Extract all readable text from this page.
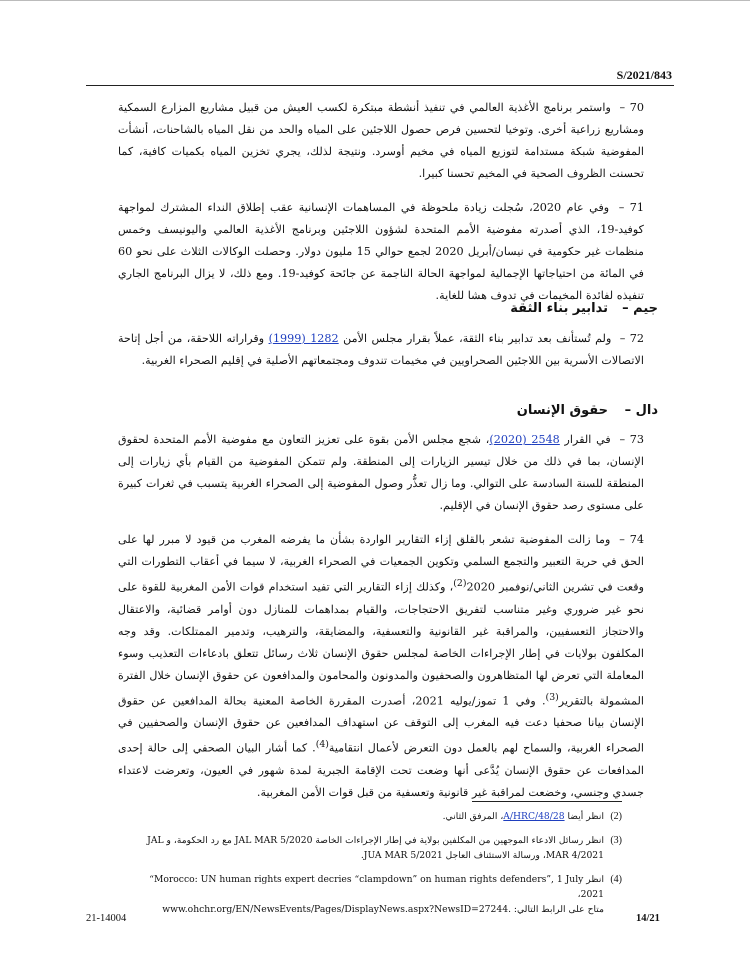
S/2021/843

70 – واستمر برنامج الأغذية العالمي في تنفيذ أنشطة مبتكرة لكسب العيش من قبيل مشاريع المزارع السمكية ومشاريع زراعية أخرى. وتوخيا لتحسين فرص حصول اللاجئين على المياه والحد من نقل المياه بالشاحنات، أنشأت المفوضية شبكة مستدامة لتوزيع المياه في مخيم أوسرد. ونتيجة لذلك، يجري تخزين المياه بكميات كافية، كما تحسنت الظروف الصحية في المخيم تحسنا كبيرا.

71 – وفي عام 2020، سُجلت زيادة ملحوظة في المساهمات الإنسانية عقب إطلاق النداء المشترك لمواجهة كوفيد-19، الذي أصدرته مفوضية الأمم المتحدة لشؤون اللاجئين وبرنامج الأغذية العالمي واليونيسف وخمس منظمات غير حكومية في نيسان/أبريل 2020 لجمع حوالي 15 مليون دولار. وحصلت الوكالات الثلاث على نحو 60 في المائة من احتياجاتها الإجمالية لمواجهة الحالة الناجمة عن جائحة كوفيد-19. ومع ذلك، لا يزال البرنامج الجاري تنفيذه لفائدة المخيمات في تدوف هشا للغاية.

جيم –تدابير بناء الثقة

72 – ولم تُستأنف بعد تدابير بناء الثقة، عملاً بقرار مجلس الأمن 1282 (1999) وقراراته اللاحقة، من أجل إتاحة الاتصالات الأسرية بين اللاجئين الصحراويين في مخيمات تندوف ومجتمعاتهم الأصلية في إقليم الصحراء الغربية.

دال –حقوق الإنسان

73 – في القرار 2548 (2020)، شجع مجلس الأمن بقوة على تعزيز التعاون مع مفوضية الأمم المتحدة لحقوق الإنسان، بما في ذلك من خلال تيسير الزيارات إلى المنطقة. ولم تتمكن المفوضية من القيام بأي زيارات إلى المنطقة للسنة السادسة على التوالي. وما زال تعذُّر وصول المفوضية إلى الصحراء الغربية يتسبب في ثغرات كبيرة على مستوى رصد حقوق الإنسان في الإقليم.

74 – وما زالت المفوضية تشعر بالقلق إزاء التقارير الواردة بشأن ما يفرضه المغرب من قيود لا مبرر لها على الحق في حرية التعبير والتجمع السلمي وتكوين الجمعيات في الصحراء الغربية، لا سيما في أعقاب التطورات التي وقعت في تشرين الثاني/نوفمبر 2020$^{(2)}$، وكذلك إزاء التقارير التي تفيد استخدام قوات الأمن المغربية للقوة على نحو غير ضروري وغير متناسب لتفريق الاحتجاجات، والقيام بمداهمات للمنازل دون أوامر قضائية، والاعتقال والاحتجاز التعسفيين، والمراقبة غير القانونية والتعسفية، والمضايقة، والترهيب، وتدمير الممتلكات. وقد وجه المكلفون بولايات في إطار الإجراءات الخاصة لمجلس حقوق الإنسان ثلاث رسائل تتعلق بادعاءات التعذيب وسوء المعاملة التي تعرض لها المتظاهرون والصحفيون والمدونون والمحامون والمدافعون عن حقوق الإنسان خلال الفترة المشمولة بالتقرير$^{(3)}$. وفي 1 تموز/يوليه 2021، أصدرت المقررة الخاصة المعنية بحالة المدافعين عن حقوق الإنسان بيانا صحفيا دعت فيه المغرب إلى التوقف عن استهداف المدافعين عن حقوق الإنسان والصحفيين في الصحراء الغربية، والسماح لهم بالعمل دون التعرض لأعمال انتقامية$^{(4)}$. كما أشار البيان الصحفي إلى حالة إحدى المدافعات عن حقوق الإنسان يُدَّعى أنها وضعت تحت الإقامة الجبرية لمدة شهور في العيون، وتعرضت لاعتداء جسدي وجنسي، وخضعت لمراقبة غير قانونية وتعسفية من قبل قوات الأمن المغربية.

(2)
انظر أيضا A/HRC/48/28، المرفق الثاني.
(3)
انظر رسائل الادعاء الموجهين من المكلفين بولاية في إطار الإجراءات الخاصة JAL MAR 5/2020 مع رد الحكومة، و JAL MAR 4/2021، ورسالة الاستئناف العاجل JUA MAR 5/2021.
(4)
انظر “Morocco: UN human rights expert decries “clampdown” on human rights defenders”, 1 July 2021،
متاح على الرابط التالي: www.ohchr.org/EN/NewsEvents/Pages/DisplayNews.aspx?NewsID=27244.
21-14004	14/21
